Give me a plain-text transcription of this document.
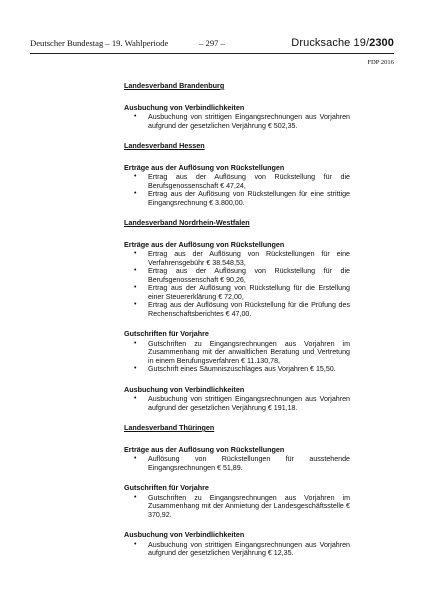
Deutscher Bundestag – 19. Wahlperiode	– 297 –	Drucksache 19/2300
FDP 2016
Landesverband Brandenburg
Ausbuchung von Verbindlichkeiten
• Ausbuchung von strittigen Eingangsrechnungen aus Vorjahren aufgrund der gesetzlichen Verjährung € 502,35.
Landesverband Hessen
Erträge aus der Auflösung von Rückstellungen
• Ertrag aus der Auflösung von Rückstellung für die Berufsgenossenschaft € 47,24,
• Ertrag aus der Auflösung von Rückstellungen für eine strittige Eingangsrechnung € 3.800,00.
Landesverband Nordrhein-Westfalen
Erträge aus der Auflösung von Rückstellungen
• Ertrag aus der Auflösung von Rückstellungen für eine Verfahrensgebühr € 38.548,53,
• Ertrag aus der Auflösung von Rückstellung für die Berufsgenossenschaft € 90,26,
• Ertrag aus der Auflösung von Rückstellung für die Erstellung einer Steuererklärung € 72,00,
• Ertrag aus der Auflösung von Rückstellung für die Prüfung des Rechenschaftsberichtes € 47,00.
Gutschriften für Vorjahre
• Gutschriften zu Eingangsrechnungen aus Vorjahren im Zusammenhang mit der anwaltlichen Beratung und Vertretung in einem Berufungsverfahren € 11.130,78,
• Gutschrift eines Säumniszuschlages aus Vorjahren € 15,50.
Ausbuchung von Verbindlichkeiten
• Ausbuchung von strittigen Eingangsrechnungen aus Vorjahren aufgrund der gesetzlichen Verjährung € 191,18.
Landesverband Thüringen
Erträge aus der Auflösung von Rückstellungen
• Auflösung von Rückstellungen für ausstehende Eingangsrechnungen € 51,89.
Gutschriften für Vorjahre
• Gutschriften zu Eingangsrechnungen aus Vorjahren im Zusammenhang mit der Anmietung der Landesgeschäftsstelle € 370,92.
Ausbuchung von Verbindlichkeiten
• Ausbuchung von strittigen Eingangsrechnungen aus Vorjahren aufgrund der gesetzlichen Verjährung € 12,35.
